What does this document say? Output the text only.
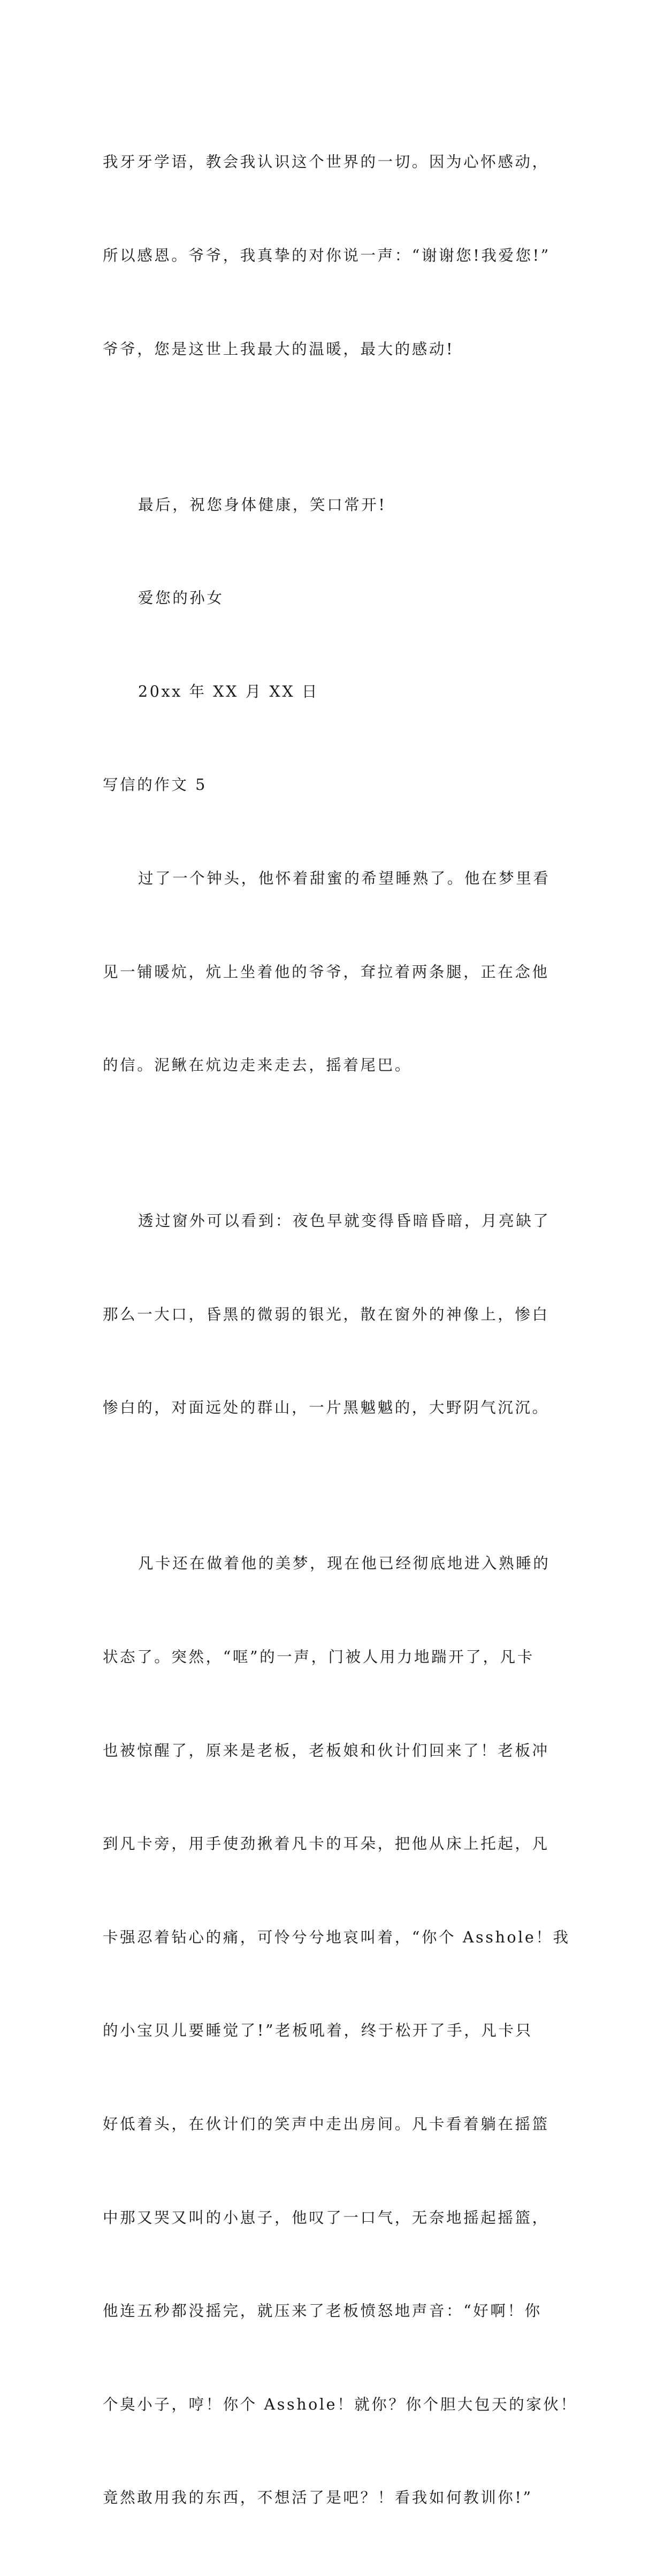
我牙牙学语，教会我认识这个世界的一切。因为心怀感动，

所以感恩。爷爷，我真挚的对你说一声：“谢谢您!我爱您!”

爷爷，您是这世上我最大的温暖，最大的感动!

最后，祝您身体健康，笑口常开!

爱您的孙女

20xx 年 XX 月 XX 日

写信的作文 5

过了一个钟头，他怀着甜蜜的希望睡熟了。他在梦里看

见一铺暖炕，炕上坐着他的爷爷，耷拉着两条腿，正在念他

的信。泥鳅在炕边走来走去，摇着尾巴。

透过窗外可以看到：夜色早就变得昏暗昏暗，月亮缺了

那么一大口，昏黑的微弱的银光，散在窗外的神像上，惨白

惨白的，对面远处的群山，一片黑魆魆的，大野阴气沉沉。

凡卡还在做着他的美梦，现在他已经彻底地进入熟睡的

状态了。突然，“哐”的一声，门被人用力地踹开了，凡卡

也被惊醒了，原来是老板，老板娘和伙计们回来了！老板冲

到凡卡旁，用手使劲揪着凡卡的耳朵，把他从床上托起，凡

卡强忍着钻心的痛，可怜兮兮地哀叫着，“你个 Asshole！我

的小宝贝儿要睡觉了!”老板吼着，终于松开了手，凡卡只

好低着头，在伙计们的笑声中走出房间。凡卡看着躺在摇篮

中那又哭又叫的小崽子，他叹了一口气，无奈地摇起摇篮，

他连五秒都没摇完，就压来了老板愤怒地声音：“好啊！你

个臭小子，哼！你个 Asshole！就你？你个胆大包天的家伙！

竟然敢用我的东西，不想活了是吧？！看我如何教训你!”
